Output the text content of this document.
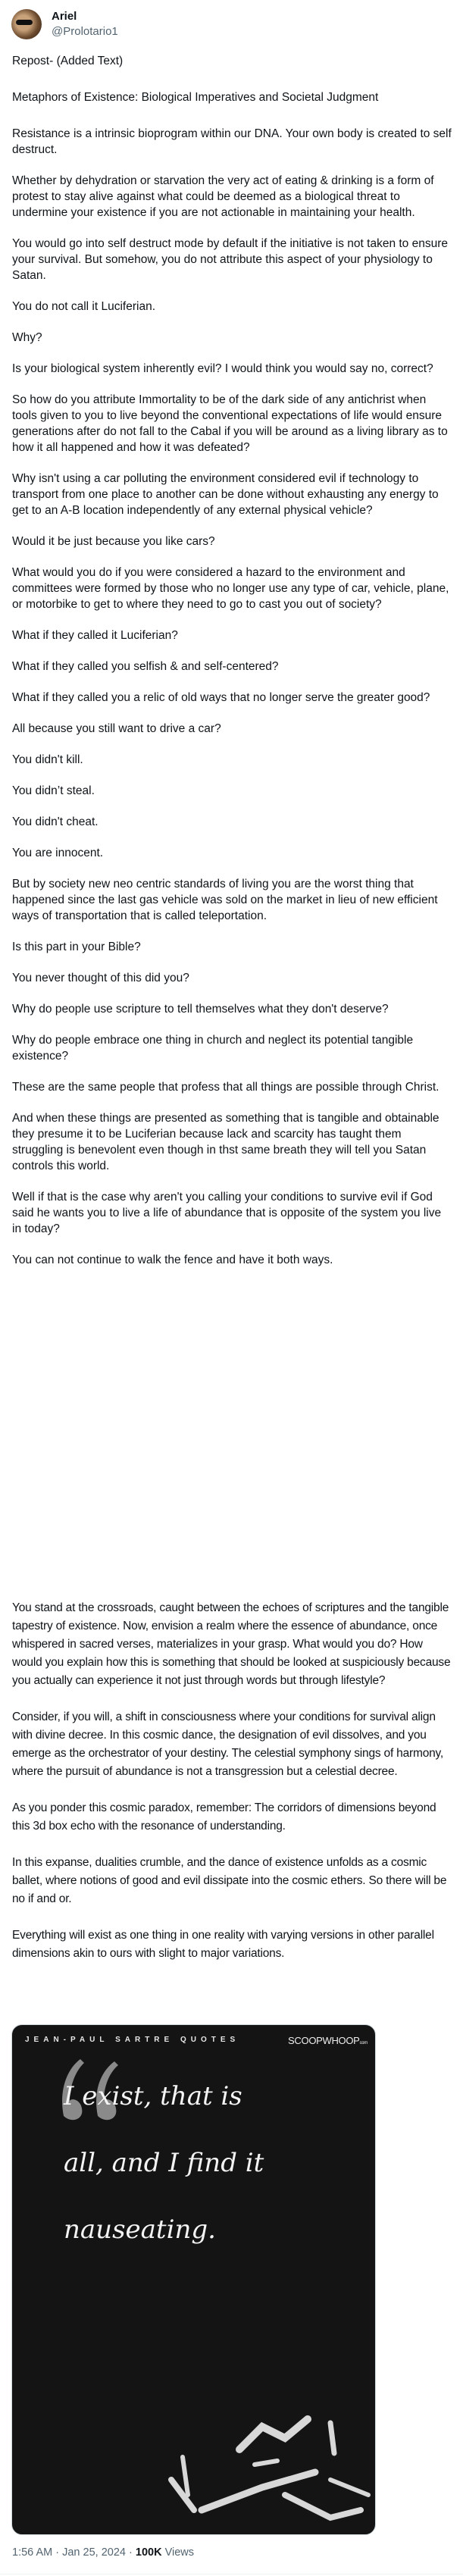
Ariel
@Prolotario1

Repost- (Added Text)

Metaphors of Existence: Biological Imperatives and Societal Judgment

Resistance is a intrinsic bioprogram within our DNA. Your own body is created to self destruct.

Whether by dehydration or starvation the very act of eating & drinking is a form of protest to stay alive against what could be deemed as a biological threat to undermine your existence if you are not actionable in maintaining your health.

You would go into self destruct mode by default if the initiative is not taken to ensure your survival. But somehow, you do not attribute this aspect of your physiology to Satan.

You do not call it Luciferian.

Why?

Is your biological system inherently evil? I would think you would say no, correct?

So how do you attribute Immortality to be of the dark side of any antichrist when tools given to you to live beyond the conventional expectations of life would ensure generations after do not fall to the Cabal if you will be around as a living library as to how it all happened and how it was defeated?

Why isn't using a car polluting the environment considered evil if technology to transport from one place to another can be done without exhausting any energy to get to an A-B location independently of any external physical vehicle?

Would it be just because you like cars?

What would you do if you were considered a hazard to the environment and committees were formed by those who no longer use any type of car, vehicle, plane, or motorbike to get to where they need to go to cast you out of society?

What if they called it Luciferian?

What if they called you selfish & and self-centered?

What if they called you a relic of old ways that no longer serve the greater good?

All because you still want to drive a car?

You didn't kill.

You didn’t steal.

You didn't cheat.

You are innocent.

But by society new neo centric standards of living you are the worst thing that happened since the last gas vehicle was sold on the market in lieu of new efficient ways of transportation that is called teleportation.

Is this part in your Bible?

You never thought of this did you?

Why do people use scripture to tell themselves what they don't deserve?

Why do people embrace one thing in church and neglect its potential tangible existence?

These are the same people that profess that all things are possible through Christ.

And when these things are presented as something that is tangible and obtainable they presume it to be Luciferian because lack and scarcity has taught them struggling is benevolent even though in thst same breath they will tell you Satan controls this world.

Well if that is the case why aren't you calling your conditions to survive evil if God said he wants you to live a life of abundance that is opposite of the system you live in today?

You can not continue to walk the fence and have it both ways.

You stand at the crossroads, caught between the echoes of scriptures and the tangible tapestry of existence. Now, envision a realm where the essence of abundance, once whispered in sacred verses, materializes in your grasp. What would you do? How would you explain how this is something that should be looked at suspiciously because you actually can experience it not just through words but through lifestyle?

Consider, if you will, a shift in consciousness where your conditions for survival align with divine decree. In this cosmic dance, the designation of evil dissolves, and you emerge as the orchestrator of your destiny. The celestial symphony sings of harmony, where the pursuit of abundance is not a transgression but a celestial decree.

As you ponder this cosmic paradox, remember: The corridors of dimensions beyond this 3d box echo with the resonance of understanding.

In this expanse, dualities crumble, and the dance of existence unfolds as a cosmic ballet, where notions of good and evil dissipate into the cosmic ethers. So there will be no if and or.

Everything will exist as one thing in one reality with varying versions in other parallel dimensions akin to ours with slight to major variations.

JEAN-PAUL SARTRE QUOTES	SCOOPWHOOPcom
I exist, that is
all, and I find it
nauseating.
1:56 AM · Jan 25, 2024 · 100K Views
